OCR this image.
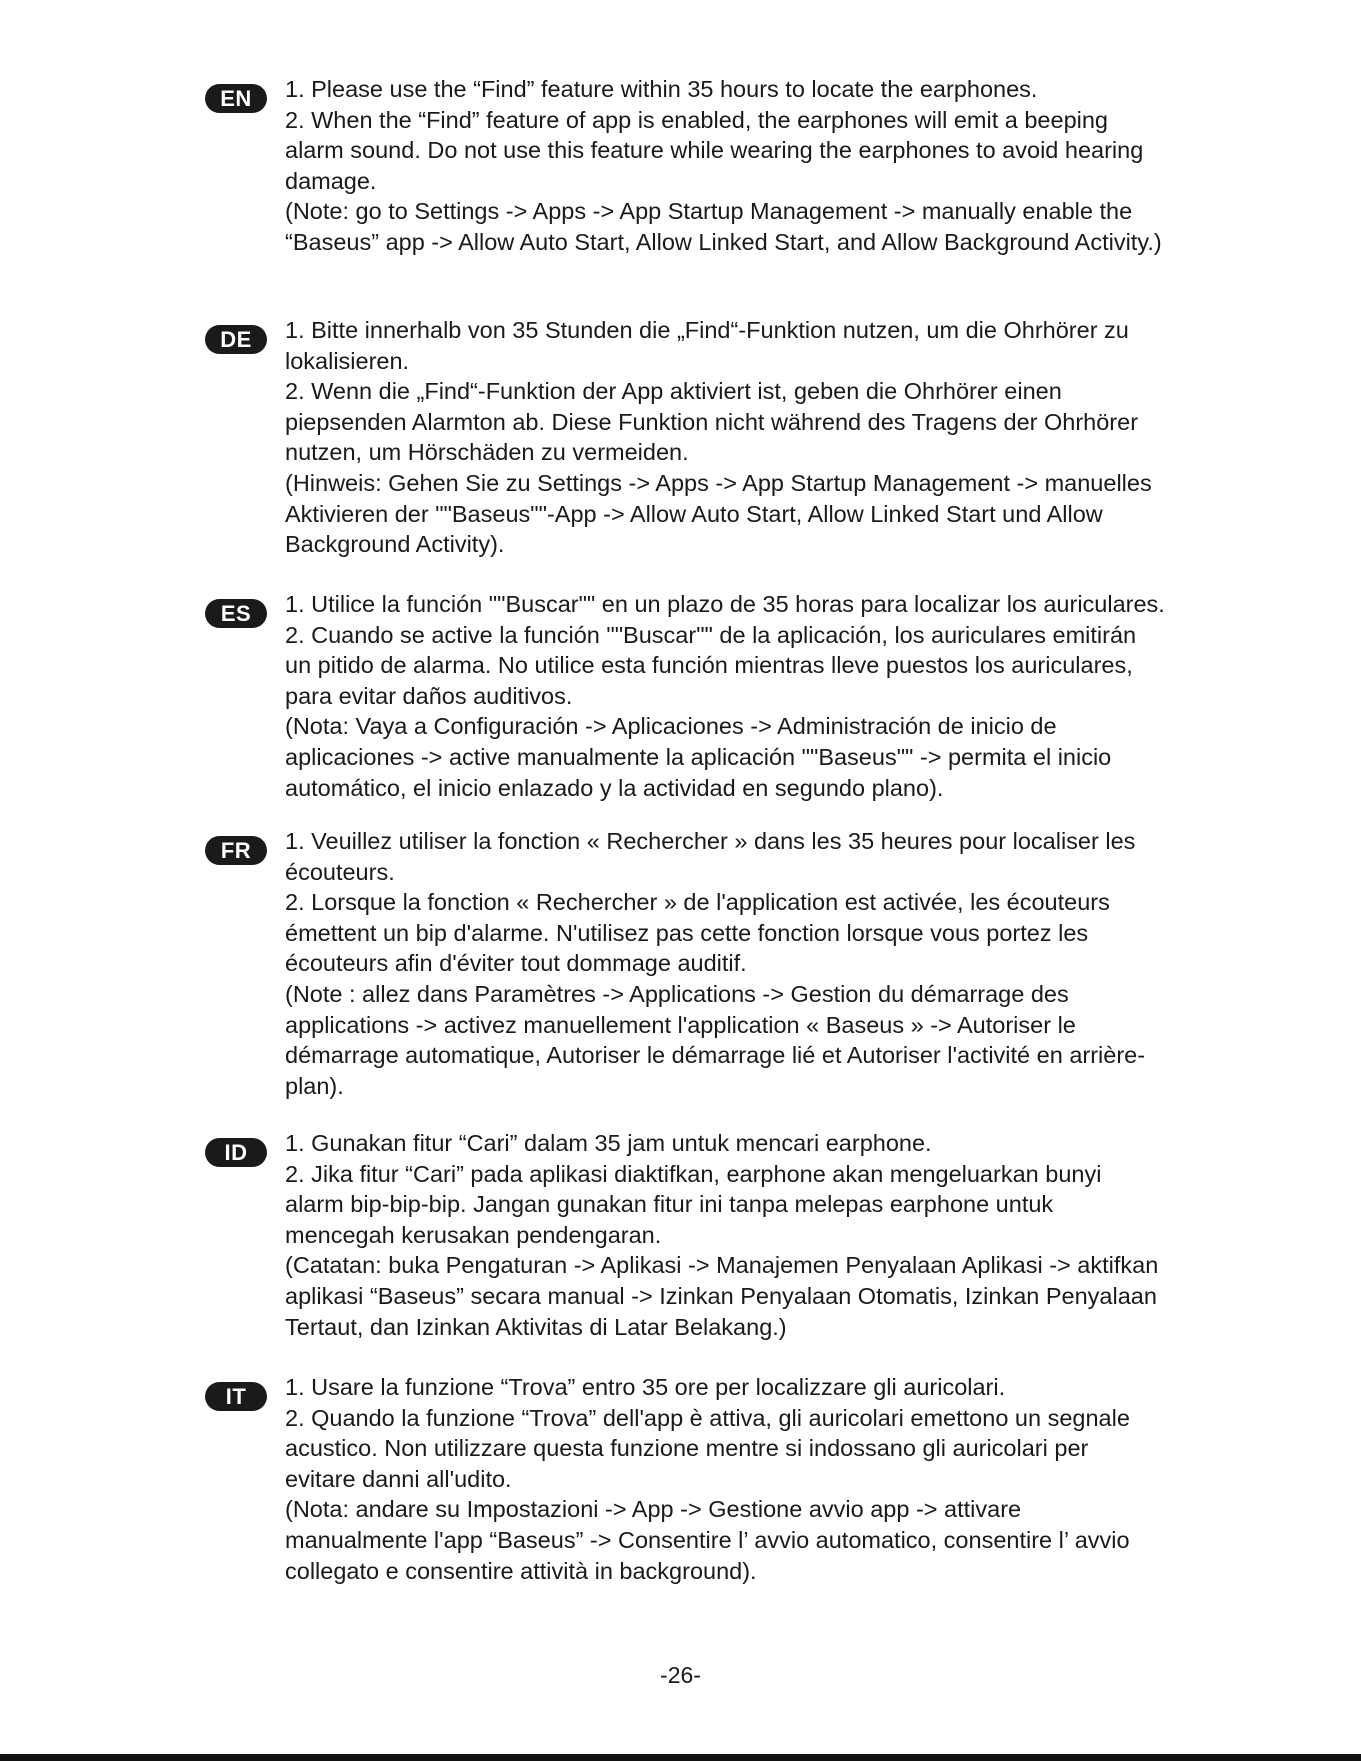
EN	1. Please use the “Find” feature within 35 hours to locate the earphones.

2. When the “Find” feature of app is enabled, the earphones will emit a beeping alarm sound. Do not use this feature while wearing the earphones to avoid hearing damage.

(Note: go to Settings -> Apps -> App Startup Management -> manually enable the “Baseus” app -> Allow Auto Start, Allow Linked Start, and Allow Background Activity.)

DE	1. Bitte innerhalb von 35 Stunden die „Find“-Funktion nutzen, um die Ohrhörer zu lokalisieren.

2. Wenn die „Find“-Funktion der App aktiviert ist, geben die Ohrhörer einen piepsenden Alarmton ab. Diese Funktion nicht während des Tragens der Ohrhörer nutzen, um Hörschäden zu vermeiden.

(Hinweis: Gehen Sie zu Settings -> Apps -> App Startup Management -> manuelles Aktivieren der ""Baseus""-App -> Allow Auto Start, Allow Linked Start und Allow Background Activity).

ES	1. Utilice la función ""Buscar"" en un plazo de 35 horas para localizar los auriculares.

2. Cuando se active la función ""Buscar"" de la aplicación, los auriculares emitirán un pitido de alarma. No utilice esta función mientras lleve puestos los auriculares, para evitar daños auditivos.

(Nota: Vaya a Configuración -> Aplicaciones -> Administración de inicio de aplicaciones -> active manualmente la aplicación ""Baseus"" -> permita el inicio automático, el inicio enlazado y la actividad en segundo plano).

FR	1. Veuillez utiliser la fonction « Rechercher » dans les 35 heures pour localiser les écouteurs.

2. Lorsque la fonction « Rechercher » de l'application est activée, les écouteurs émettent un bip d'alarme. N'utilisez pas cette fonction lorsque vous portez les écouteurs afin d'éviter tout dommage auditif.

(Note : allez dans Paramètres -> Applications -> Gestion du démarrage des applications -> activez manuellement l'application « Baseus » -> Autoriser le démarrage automatique, Autoriser le démarrage lié et Autoriser l'activité en arrière-plan).

ID	1. Gunakan fitur “Cari” dalam 35 jam untuk mencari earphone.

2. Jika fitur “Cari” pada aplikasi diaktifkan, earphone akan mengeluarkan bunyi alarm bip-bip-bip. Jangan gunakan fitur ini tanpa melepas earphone untuk mencegah kerusakan pendengaran.

(Catatan: buka Pengaturan -> Aplikasi -> Manajemen Penyalaan Aplikasi -> aktifkan aplikasi “Baseus” secara manual -> Izinkan Penyalaan Otomatis, Izinkan Penyalaan Tertaut, dan Izinkan Aktivitas di Latar Belakang.)

IT	1. Usare la funzione “Trova” entro 35 ore per localizzare gli auricolari.

2. Quando la funzione “Trova” dell'app è attiva, gli auricolari emettono un segnale acustico. Non utilizzare questa funzione mentre si indossano gli auricolari per evitare danni all'udito.

(Nota: andare su Impostazioni -> App -> Gestione avvio app -> attivare manualmente l'app “Baseus” -> Consentire l’ avvio automatico, consentire l’ avvio collegato e consentire attività in background).

-26-
